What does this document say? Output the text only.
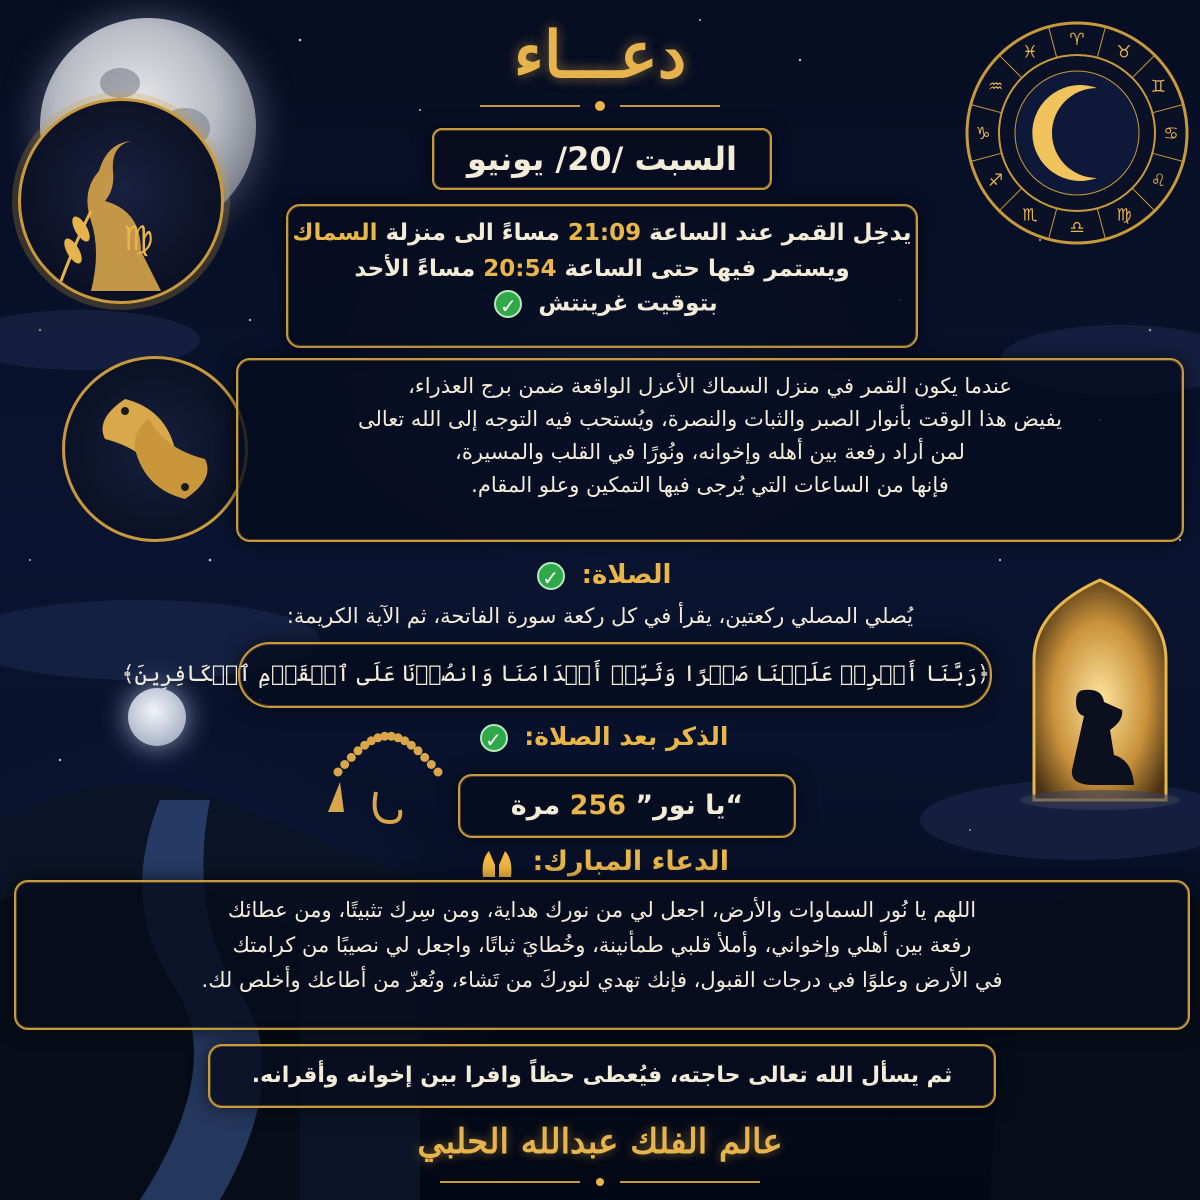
♍
♈
♉
♊
♋
♌
♍
♎
♏
♐
♑
♒
♓
دعـــاء
السبت /20/ يونيو
يدخِل القمر عند الساعة 21:09 مساءً الى منزلة السماك
ويستمر فيها حتى الساعة 20:54 مساءً الأحد
بتوقيت غرينتش ✓
عندما يكون القمر في منزل السماك الأعزل الواقعة ضمن برج العذراء،
يفيض هذا الوقت بأنوار الصبر والثبات والنصرة، ويُستحب فيه التوجه إلى الله تعالى
لمن أراد رفعة بين أهله وإخوانه، ونُورًا في القلب والمسيرة،
فإنها من الساعات التي يُرجى فيها التمكين وعلو المقام.
الصلاة: ✓
يُصلي المصلي ركعتين، يقرأ في كل ركعة سورة الفاتحة، ثم الآية الكريمة:
﴿رَبَّنَا أَفۡرِغۡ عَلَيۡنَا صَبۡرًا وَثَبِّتۡ أَقۡدَامَنَا وَانصُرۡنَا عَلَى ٱلۡقَوۡمِ ٱلۡكَافِرِينَ﴾
الذكر بعد الصلاة: ✓
“يا نور” 256 مرة
الدعاء المبارك:
اللهم يا نُور السماوات والأرض، اجعل لي من نورك هداية، ومن سِرك تثبيتًا، ومن عطائك
رفعة بين أهلي وإخواني، وأملأ قلبي طمأنينة، وخُطايَ ثباتًا، واجعل لي نصيبًا من كرامتك
في الأرض وعلوًا في درجات القبول، فإنك تهدي لنوركَ من تَشاء، وتُعزّ من أطاعك وأخلص لك.
ثم يسأل الله تعالى حاجته، فيُعطى حظاً وافرا بين إخوانه وأقرانه.
عالم الفلك عبدالله الحلبي
